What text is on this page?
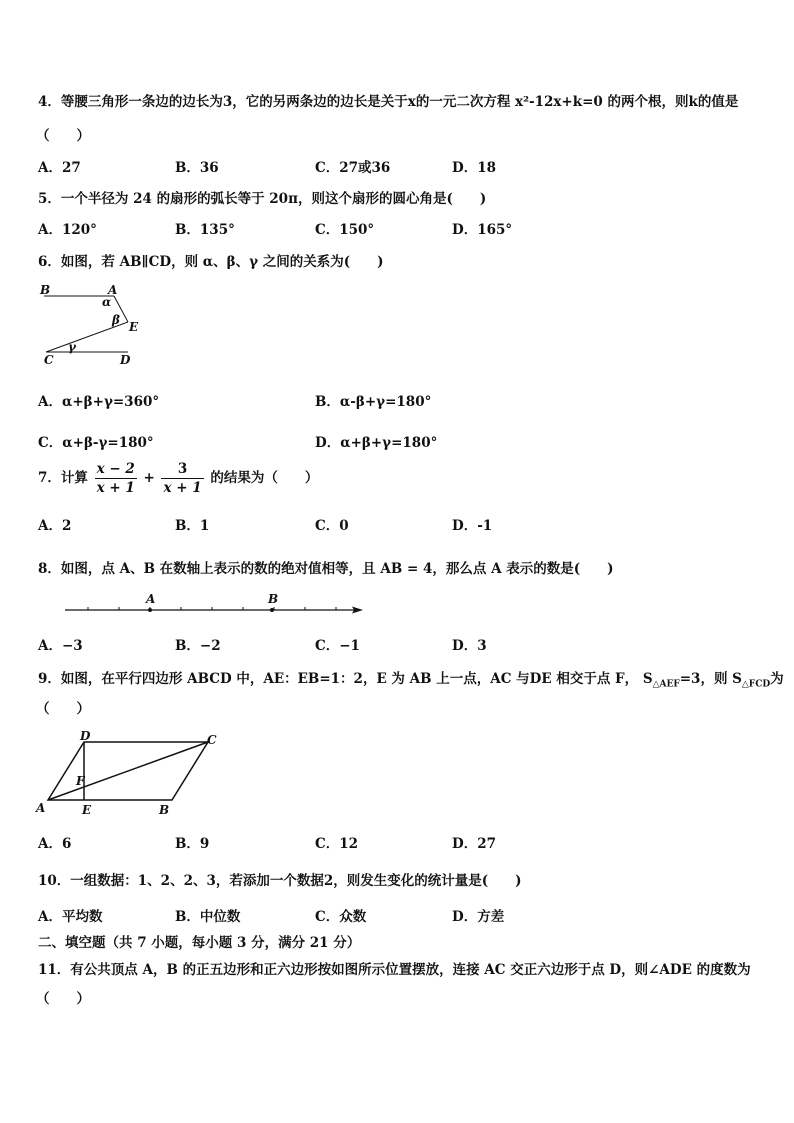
4．等腰三角形一条边的边长为3，它的另两条边的边长是关于x的一元二次方程 x²-12x+k=0 的两个根，则k的值是
（　　）
A．27	B．36	C．27或36	D．18
5．一个半径为 24 的扇形的弧长等于 20π，则这个扇形的圆心角是(　　)
A．120°	B．135°	C．150°	D．165°
6．如图，若 AB∥CD，则 α、β、γ 之间的关系为(　　)
B	A
α
β E
γ
C	D
A．α+β+γ=360°	B．α-β+γ=180°
C．α+β-γ=180°	D．α+β+γ=180°
7．计算 $\frac{x - 2}{x + 1} + \frac{3}{x + 1}$ 的结果为（　　）
A．2	B．1	C．0	D．-1
8．如图，点 A、B 在数轴上表示的数的绝对值相等，且 AB = 4，那么点 A 表示的数是(　　)
A	B
A．−3	B．−2	C．−1	D．3
9．如图，在平行四边形 ABCD 中，AE：EB=1：2，E 为 AB 上一点，AC 与DE 相交于点 F， $S_{\triangle AEF}=3$，则 $S_{\triangle FCD}$为
（　　）
D	C
F
A	E	B
A．6	B．9	C．12	D．27
10．一组数据：1、2、2、3，若添加一个数据2，则发生变化的统计量是(　　)
A．平均数	B．中位数	C．众数	D．方差
二、填空题（共 7 小题，每小题 3 分，满分 21 分）
11．有公共顶点 A，B 的正五边形和正六边形按如图所示位置摆放，连接 AC 交正六边形于点 D，则∠ADE 的度数为
（　　）
